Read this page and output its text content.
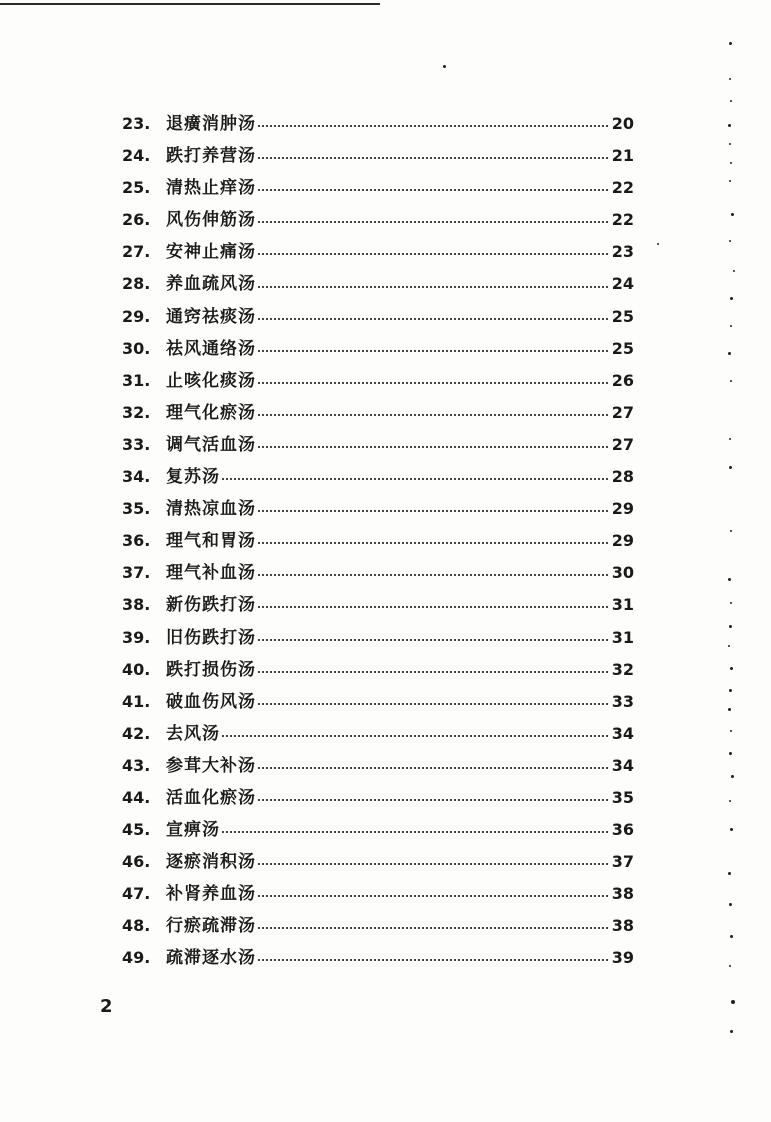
23. 退癀消肿汤	20
24. 跌打养营汤	21
25. 清热止痒汤	22
26. 风伤伸筋汤	22
27. 安神止痛汤	23
28. 养血疏风汤	24
29. 通窍祛痰汤	25
30. 祛风通络汤	25
31. 止咳化痰汤	26
32. 理气化瘀汤	27
33. 调气活血汤	27
34. 复苏汤	28
35. 清热凉血汤	29
36. 理气和胃汤	29
37. 理气补血汤	30
38. 新伤跌打汤	31
39. 旧伤跌打汤	31
40. 跌打损伤汤	32
41. 破血伤风汤	33
42. 去风汤	34
43. 参茸大补汤	34
44. 活血化瘀汤	35
45. 宣痹汤	36
46. 逐瘀消积汤	37
47. 补肾养血汤	38
48. 行瘀疏滞汤	38
49. 疏滞逐水汤	39
2
